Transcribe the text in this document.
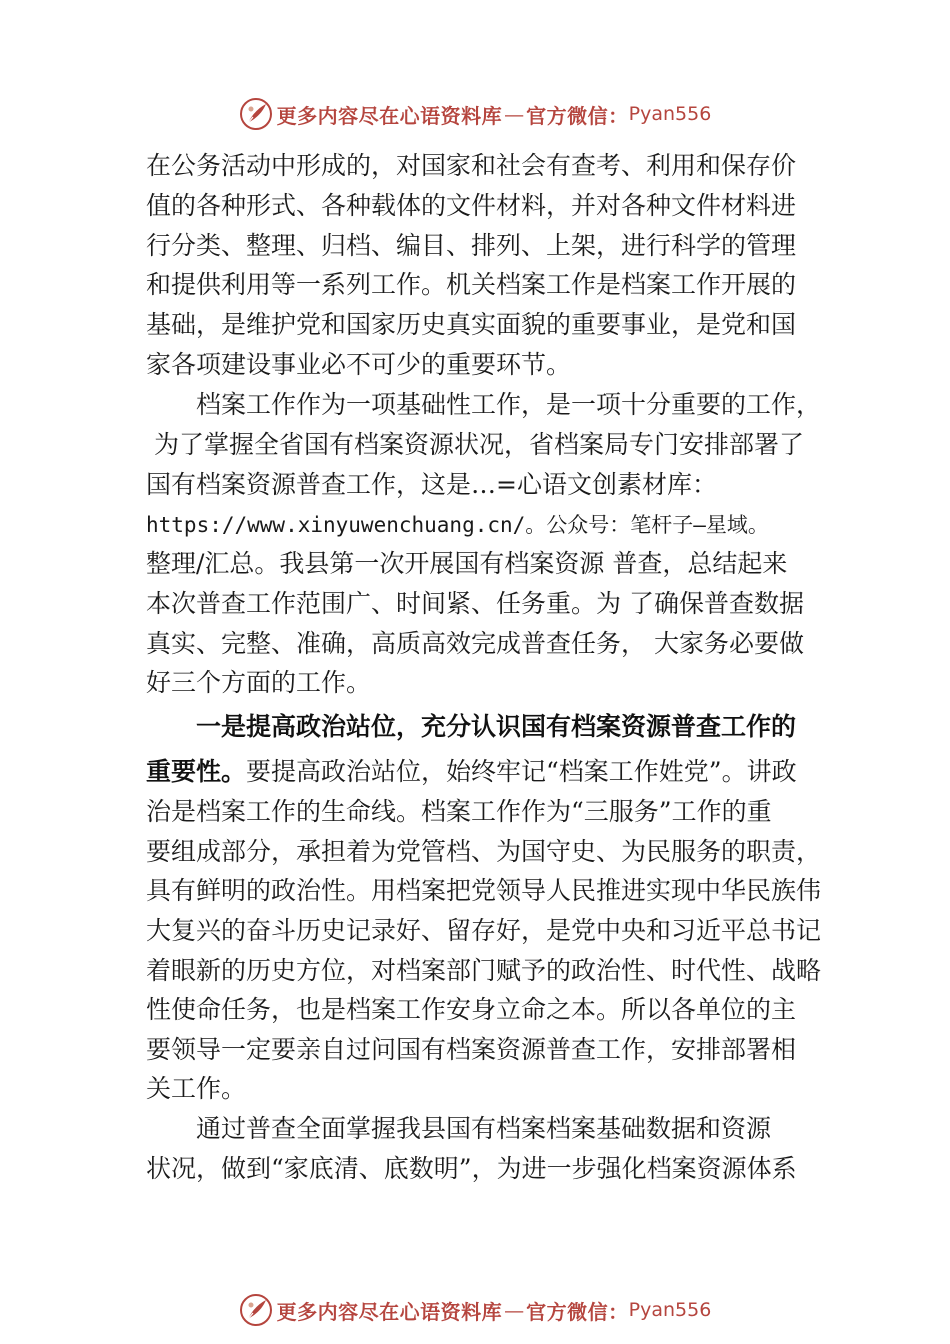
更多内容尽在心语资料库 — 官方微信： Pyan556
在公务活动中形成的，对国家和社会有查考、利用和保存价
值的各种形式、各种载体的文件材料，并对各种文件材料进
行分类、整理、归档、编目、排列、上架，进行科学的管理
和提供利用等一系列工作。机关档案工作是档案工作开展的
基础，是维护党和国家历史真实面貌的重要事业，是党和国
家各项建设事业必不可少的重要环节。
档案工作作为一项基础性工作，是一项十分重要的工作，
为了掌握全省国有档案资源状况，省档案局专门安排部署了
国有档案资源普查工作，这是…=心语文创素材库：
https://www.xinyuwenchuang.cn/。公众号：笔杆子—星域。
整理/汇总。我县第一次开展国有档案资源 普查，总结起来
本次普查工作范围广、时间紧、任务重。为 了确保普查数据
真实、完整、准确，高质高效完成普查任务， 大家务必要做
好三个方面的工作。
一是提高政治站位，充分认识国有档案资源普查工作的
重要性。要提高政治站位，始终牢记“档案工作姓党”。讲政
治是档案工作的生命线。档案工作作为“三服务”工作的重
要组成部分，承担着为党管档、为国守史、为民服务的职责，
具有鲜明的政治性。用档案把党领导人民推进实现中华民族伟
大复兴的奋斗历史记录好、留存好，是党中央和习近平总书记
着眼新的历史方位，对档案部门赋予的政治性、时代性、战略
性使命任务，也是档案工作安身立命之本。所以各单位的主
要领导一定要亲自过问国有档案资源普查工作，安排部署相
关工作。
通过普查全面掌握我县国有档案档案基础数据和资源
状况，做到“家底清、底数明”，为进一步强化档案资源体系
更多内容尽在心语资料库 — 官方微信： Pyan556
